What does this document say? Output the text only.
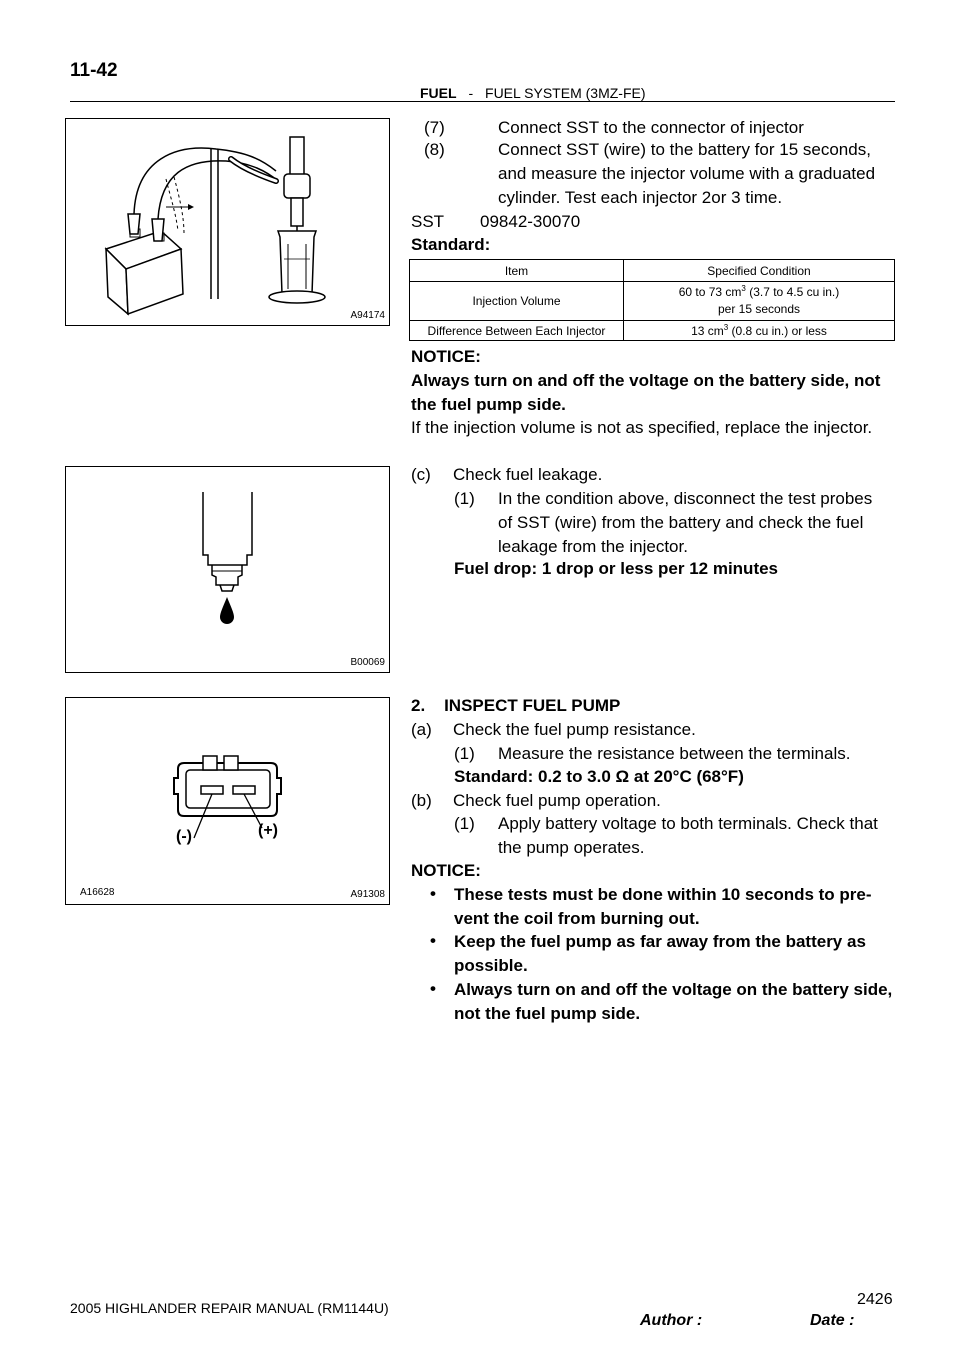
11-42
FUEL - FUEL SYSTEM (3MZ-FE)
A94174
B00069
(-)	(+)
A16628	A91308
(7)	Connect SST to the connector of injector
(8)	Connect SST (wire) to the battery for 15 seconds,
and measure the injector volume with a graduated
cylinder. Test each injector 2or 3 time.
SST 09842-30070
Standard:
Item	Specified Condition
Injection Volume	60 to 73 $cm^3$ (3.7 to 4.5 cu in.)
per 15 seconds
Difference Between Each Injector	13 $cm^3$ (0.8 cu in.) or less
NOTICE:
Always turn on and off the voltage on the battery side, not
the fuel pump side.
If the injection volume is not as specified, replace the injector.
(c) Check fuel leakage.
(1) In the condition above, disconnect the test probes
of SST (wire) from the battery and check the fuel
leakage from the injector.
Fuel drop: 1 drop or less per 12 minutes
2.    INSPECT FUEL PUMP
(a) Check the fuel pump resistance.
(1) Measure the resistance between the terminals.
Standard: 0.2 to 3.0 Ω at 20°C (68°F)
(b) Check fuel pump operation.
(1) Apply battery voltage to both terminals. Check that
the pump operates.
NOTICE:
• These tests must be done within 10 seconds to pre-
vent the coil from burning out.
• Keep the fuel pump as far away from the battery as
possible.
• Always turn on and off the voltage on the battery side,
not the fuel pump side.
2005 HIGHLANDER REPAIR MANUAL (RM1144U)	2426
Author :	Date :
